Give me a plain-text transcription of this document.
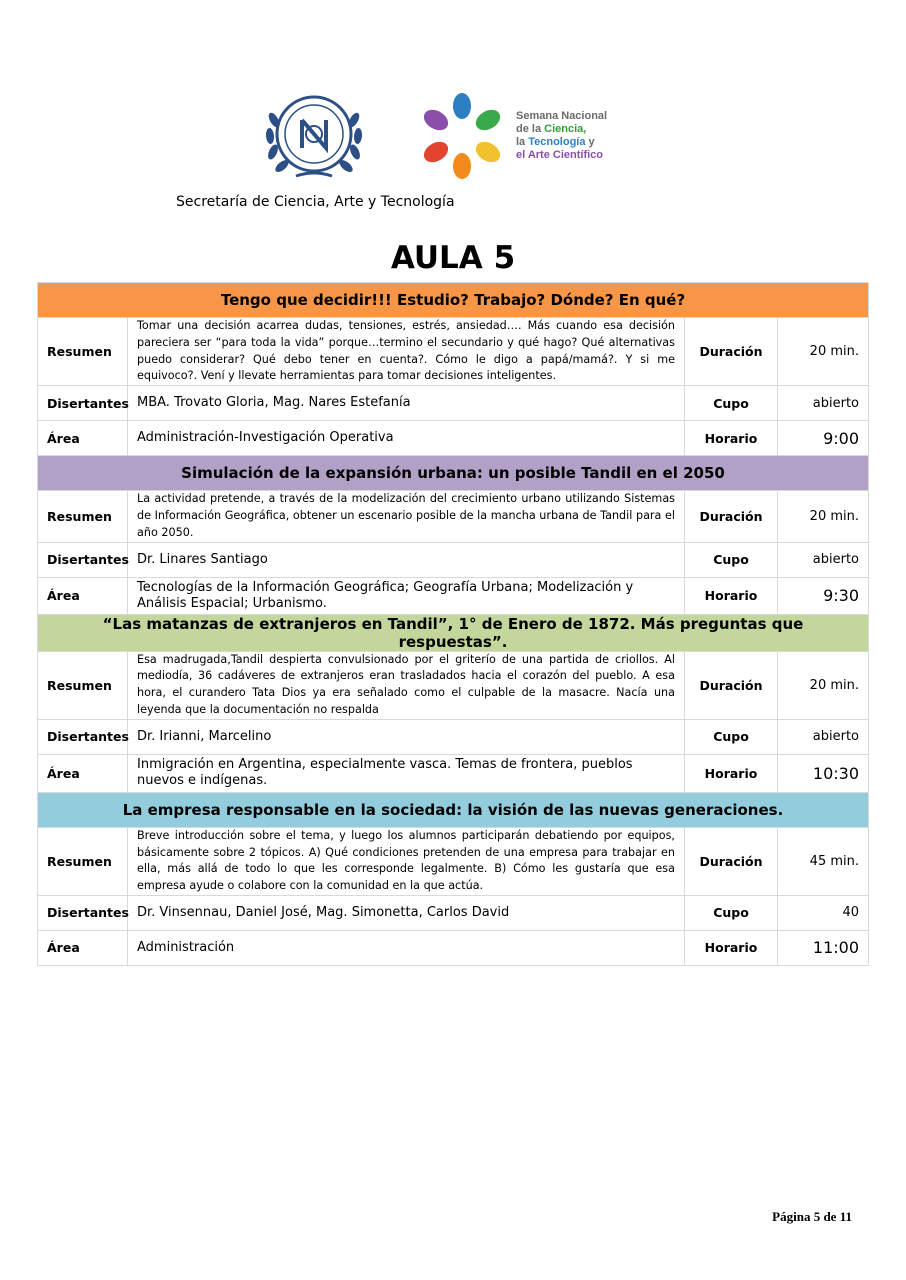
Semana Nacional
de la Ciencia,
la Tecnología y
el Arte Científico
Secretaría de Ciencia, Arte y Tecnología
AULA 5
Tengo que decidir!!! Estudio? Trabajo? Dónde? En qué?			
Resumen	Tomar una decisión acarrea dudas, tensiones, estrés, ansiedad…. Más cuando esa decisión pareciera ser “para toda la vida” porque…termino el secundario y qué hago? Qué alternativas puedo considerar? Qué debo tener en cuenta?. Cómo le digo a papá/mamá?. Y si me equivoco?. Vení y llevate herramientas para tomar decisiones inteligentes.	Duración	20 min.
Disertantes	MBA. Trovato Gloria, Mag. Nares Estefanía	Cupo	abierto
Área	Administración-Investigación Operativa	Horario	9:00
Simulación de la expansión urbana: un posible Tandil en el 2050			
Resumen	La actividad pretende, a través de la modelización del crecimiento urbano utilizando Sistemas de Información Geográfica, obtener un escenario posible de la mancha urbana de Tandil para el año 2050.	Duración	20 min.
Disertantes	Dr. Linares Santiago	Cupo	abierto
Área	Tecnologías de la Información Geográfica; Geografía Urbana; Modelización y Análisis Espacial; Urbanismo.	Horario	9:30
“Las matanzas de extranjeros en Tandil”, 1° de Enero de 1872. Más preguntas que respuestas”.			
Resumen	Esa madrugada,Tandil despierta convulsionado por el griterío de una partida de criollos. Al mediodía, 36 cadáveres de extranjeros eran trasladados hacia el corazón del pueblo. A esa hora, el curandero Tata Dios ya era señalado como el culpable de la masacre. Nacía una leyenda que la documentación no respalda	Duración	20 min.
Disertantes	Dr. Irianni, Marcelino	Cupo	abierto
Área	Inmigración en Argentina, especialmente vasca. Temas de frontera, pueblos nuevos e indígenas.	Horario	10:30
La empresa responsable en la sociedad: la visión de las nuevas generaciones.			
Resumen	Breve introducción sobre el tema, y luego los alumnos participarán debatiendo por equipos, básicamente sobre 2 tópicos. A) Qué condiciones pretenden de una empresa para trabajar en ella, más allá de todo lo que les corresponde legalmente. B) Cómo les gustaría que esa empresa ayude o colabore con la comunidad en la que actúa.	Duración	45 min.
Disertantes	Dr. Vinsennau, Daniel José, Mag. Simonetta, Carlos David	Cupo	40
Área	Administración	Horario	11:00
Página 5 de 11
